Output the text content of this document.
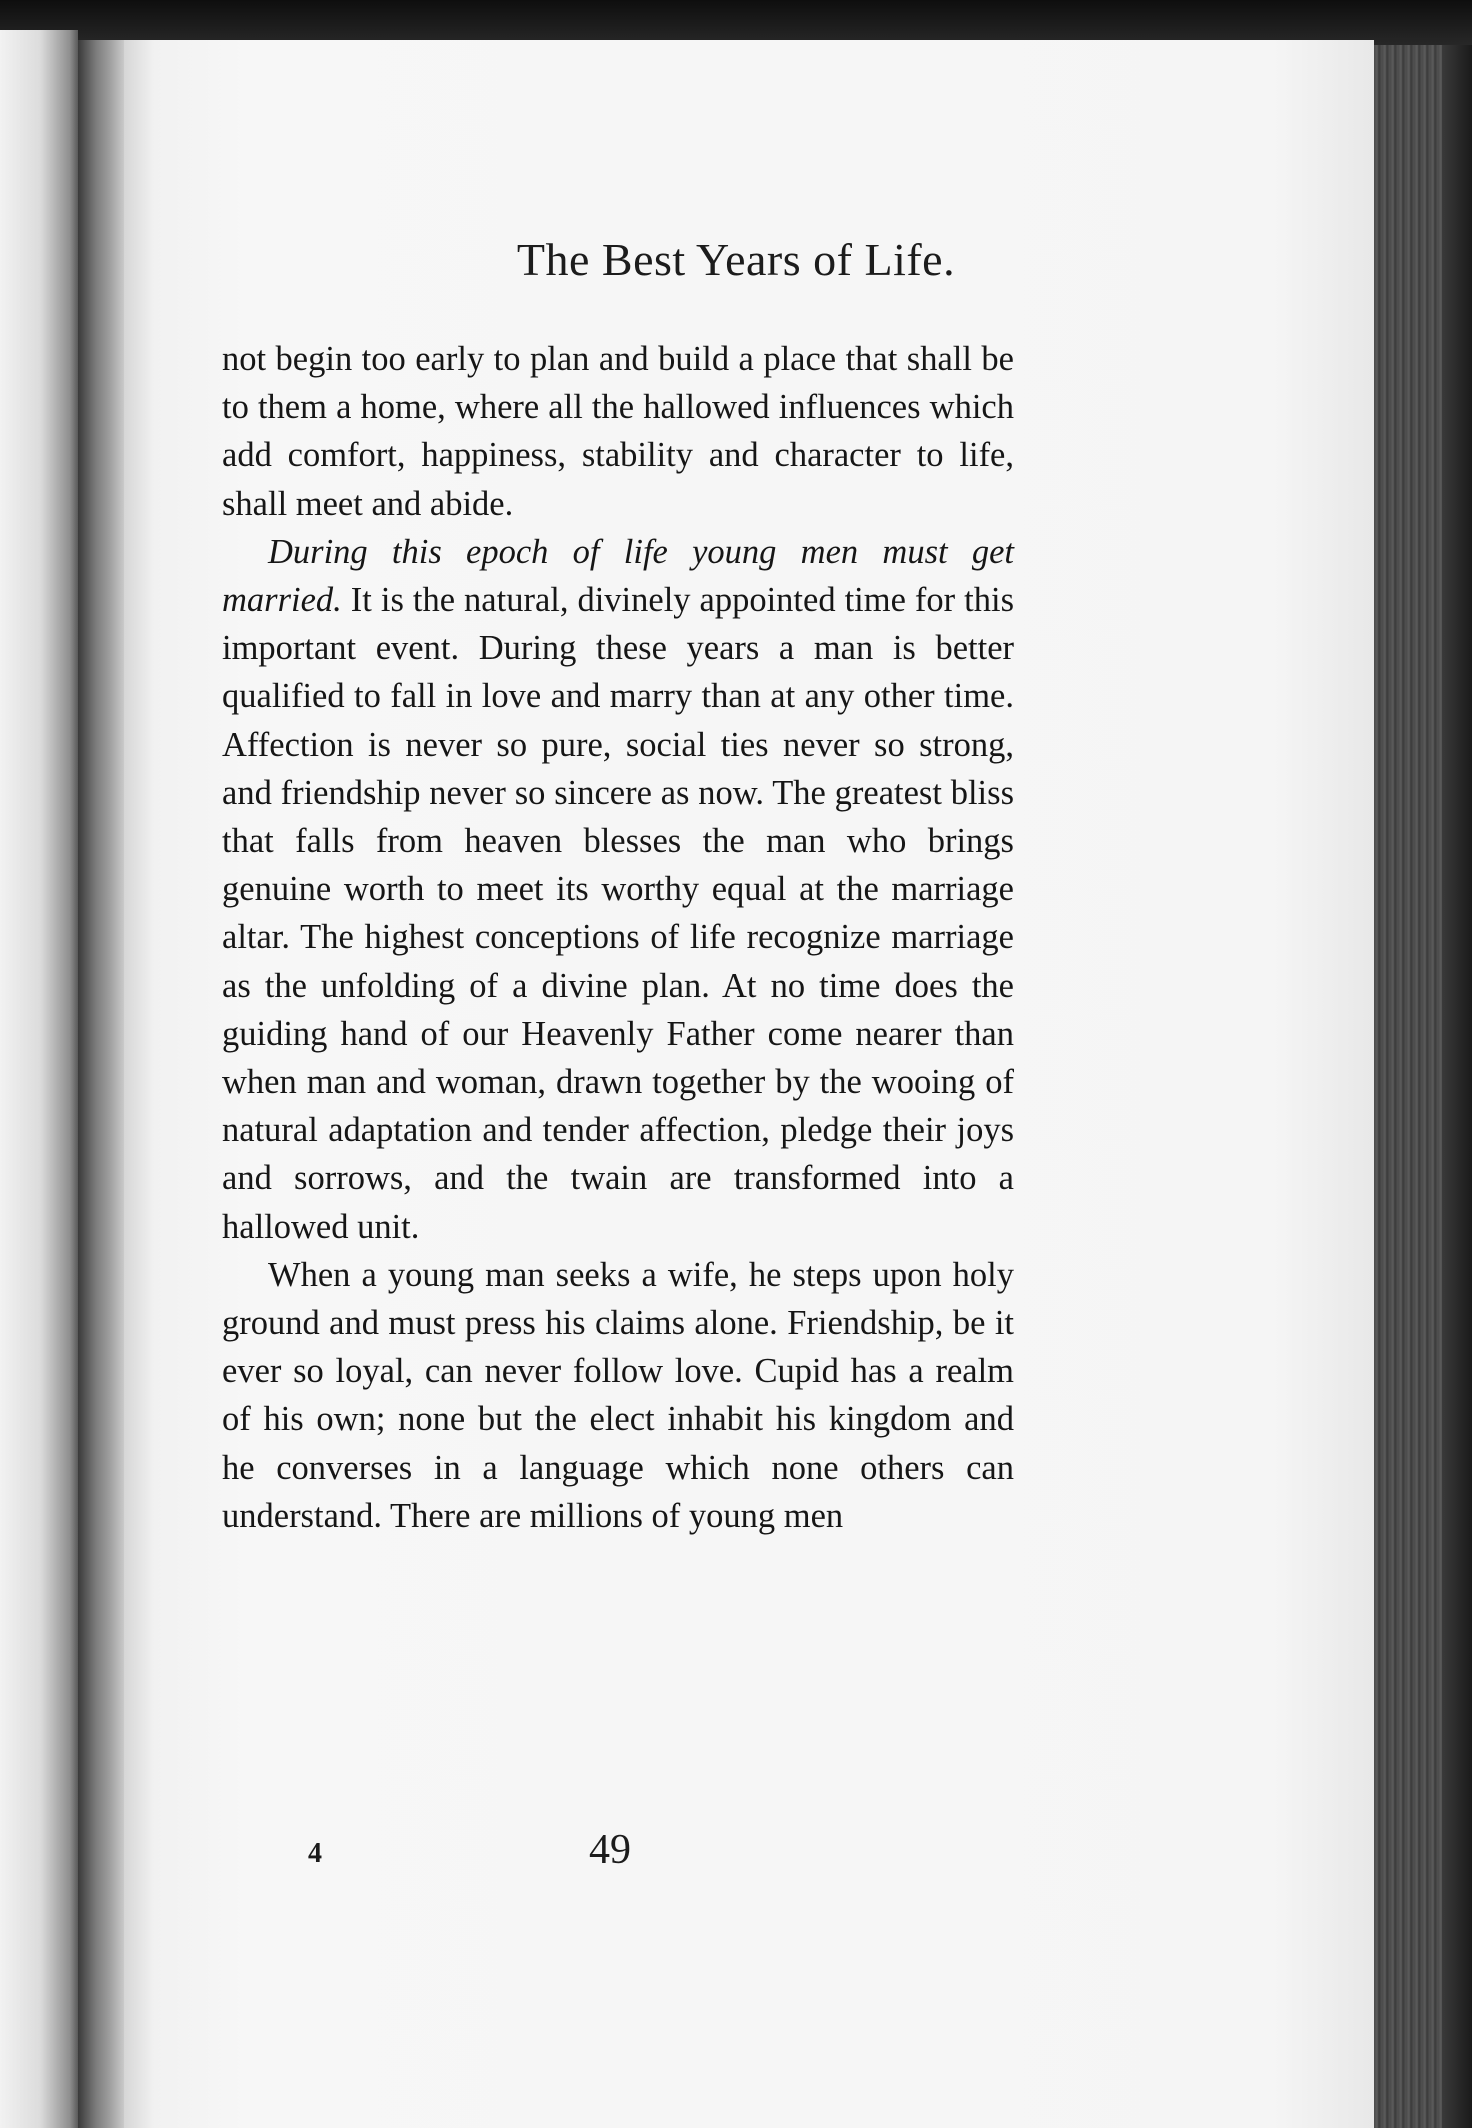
The Best Years of Life.

not begin too early to plan and build a place that shall be to them a home, where all the hallowed influences which add comfort, happiness, stability and character to life, shall meet and abide.

During this epoch of life young men must get married. It is the natural, divinely appointed time for this important event. During these years a man is better qualified to fall in love and marry than at any other time. Affection is never so pure, social ties never so strong, and friendship never so sincere as now. The greatest bliss that falls from heaven blesses the man who brings genuine worth to meet its worthy equal at the marriage altar. The highest conceptions of life recognize marriage as the unfolding of a divine plan. At no time does the guiding hand of our Heavenly Father come nearer than when man and woman, drawn together by the wooing of natural adaptation and tender affection, pledge their joys and sorrows, and the twain are transformed into a hallowed unit.

When a young man seeks a wife, he steps upon holy ground and must press his claims alone. Friendship, be it ever so loyal, can never follow love. Cupid has a realm of his own; none but the elect inhabit his kingdom and he converses in a language which none others can understand. There are millions of young men

4	49
